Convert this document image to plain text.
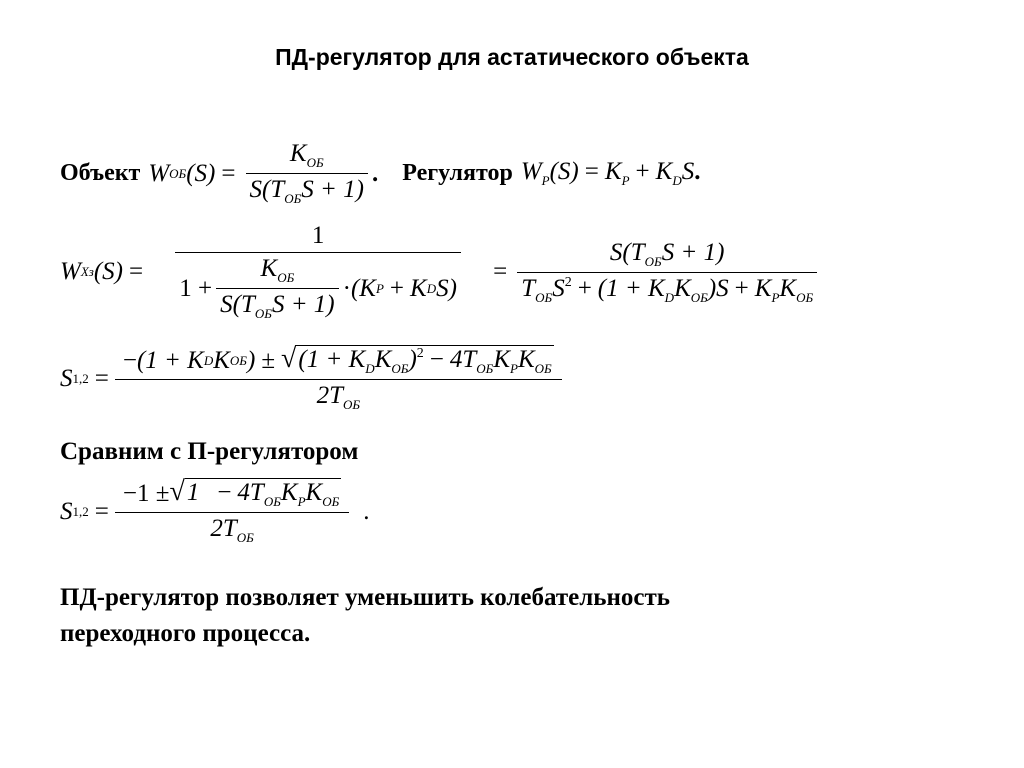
ПД-регулятор для астатического объекта
Объект W ОБ $(S) = \frac{K_{ОБ}}{S(T_{ОБ}S + 1)}$ . Регулятор $W_Р(S) = K_Р + K_DS$.
W Хз $(S) = \frac{1}{1 + \frac{K_{ОБ}}{S(T_{ОБ}S + 1)} \cdot (K Р + K D S)} = \frac{S(T_{ОБ}S + 1)}{T_{ОБ}S^2 + (1 + K_DK_{ОБ})S + K_РK_{ОБ}}$
S $1,2 = \frac{- (1 + K D K ОБ ) \pm √ (1 + K_DK_{ОБ})^2 - 4T_{ОБ}K_РK_{ОБ}}{2T_{ОБ}}$
Сравним с П-регулятором
S $1,2 = \frac{-1 \pm √ 1 - 4T_{ОБ}K_РK_{ОБ}}{2T_{ОБ}}$ .
ПД-регулятор позволяет уменьшить колебательность
переходного процесса.
